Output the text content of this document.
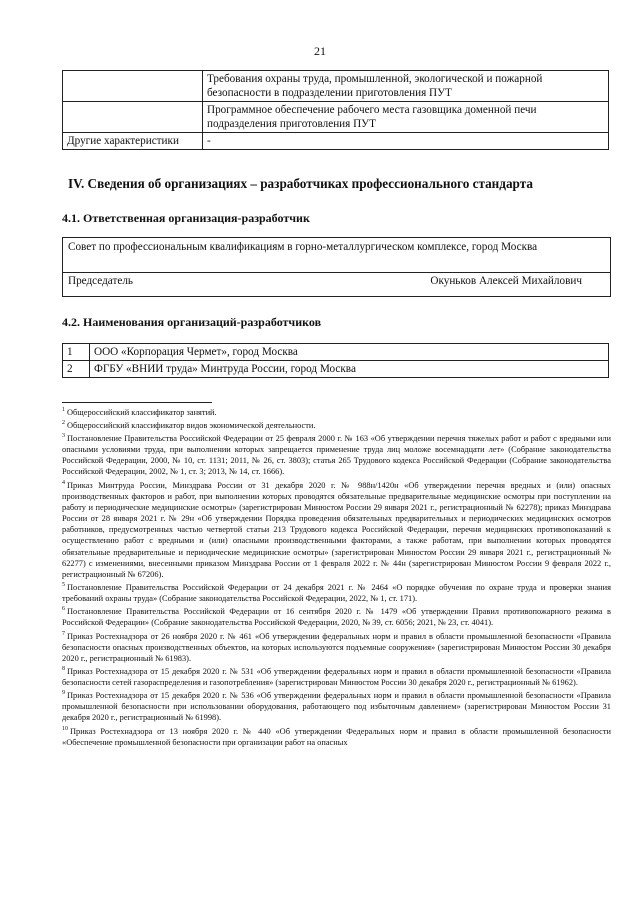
21
	Требования охраны труда, промышленной, экологической и пожарной безопасности в подразделении приготовления ПУТ
	Программное обеспечение рабочего места газовщика доменной печи подразделения приготовления ПУТ
Другие характеристики	-
IV. Сведения об организациях – разработчиках профессионального стандарта
4.1. Ответственная организация-разработчик
Совет по профессиональным квалификациям в горно-металлургическом комплексе, город Москва
Председатель	Окуньков Алексей Михайлович
4.2. Наименования организаций-разработчиков
1	ООО «Корпорация Чермет», город Москва
2	ФГБУ «ВНИИ труда» Минтруда России, город Москва

$^1$ Общероссийский классификатор занятий.

$^2$ Общероссийский классификатор видов экономической деятельности.

$^3$ Постановление Правительства Российской Федерации от 25 февраля 2000 г. № 163 «Об утверждении перечня тяжелых работ и работ с вредными или опасными условиями труда, при выполнении которых запрещается применение труда лиц моложе восемнадцати лет» (Собрание законодательства Российской Федерации, 2000, № 10, ст. 1131; 2011, № 26, ст. 3803); статья 265 Трудового кодекса Российской Федерации (Собрание законодательства Российской Федерации, 2002, № 1, ст. 3; 2013, № 14, ст. 1666).

$^4$ Приказ Минтруда России, Минздрава России от 31 декабря 2020 г. № 988н/1420н «Об утверждении перечня вредных и (или) опасных производственных факторов и работ, при выполнении которых проводятся обязательные предварительные медицинские осмотры при поступлении на работу и периодические медицинские осмотры» (зарегистрирован Минюстом России 29 января 2021 г., регистрационный № 62278); приказ Минздрава России от 28 января 2021 г. № 29н «Об утверждении Порядка проведения обязательных предварительных и периодических медицинских осмотров работников, предусмотренных частью четвертой статьи 213 Трудового кодекса Российской Федерации, перечня медицинских противопоказаний к осуществлению работ с вредными и (или) опасными производственными факторами, а также работам, при выполнении которых проводятся обязательные предварительные и периодические медицинские осмотры» (зарегистрирован Минюстом России 29 января 2021 г., регистрационный № 62277) с изменениями, внесенными приказом Минздрава России от 1 февраля 2022 г. № 44н (зарегистрирован Минюстом России 9 февраля 2022 г., регистрационный № 67206).

$^5$ Постановление Правительства Российской Федерации от 24 декабря 2021 г. № 2464 «О порядке обучения по охране труда и проверки знания требований охраны труда» (Собрание законодательства Российской Федерации, 2022, № 1, ст. 171).

$^6$ Постановление Правительства Российской Федерации от 16 сентября 2020 г. № 1479 «Об утверждении Правил противопожарного режима в Российской Федерации» (Собрание законодательства Российской Федерации, 2020, № 39, ст. 6056; 2021, № 23, ст. 4041).

$^7$ Приказ Ростехнадзора от 26 ноября 2020 г. № 461 «Об утверждении федеральных норм и правил в области промышленной безопасности «Правила безопасности опасных производственных объектов, на которых используются подъемные сооружения» (зарегистрирован Минюстом России 30 декабря 2020 г., регистрационный № 61983).

$^8$ Приказ Ростехнадзора от 15 декабря 2020 г. № 531 «Об утверждении федеральных норм и правил в области промышленной безопасности «Правила безопасности сетей газораспределения и газопотребления» (зарегистрирован Минюстом России 30 декабря 2020 г., регистрационный № 61962).

$^9$ Приказ Ростехнадзора от 15 декабря 2020 г. № 536 «Об утверждении федеральных норм и правил в области промышленной безопасности «Правила промышленной безопасности при использовании оборудования, работающего под избыточным давлением» (зарегистрирован Минюстом России 31 декабря 2020 г., регистрационный № 61998).

$^{10}$ Приказ Ростехнадзора от 13 ноября 2020 г. № 440 «Об утверждении Федеральных норм и правил в области промышленной безопасности «Обеспечение промышленной безопасности при организации работ на опасных
